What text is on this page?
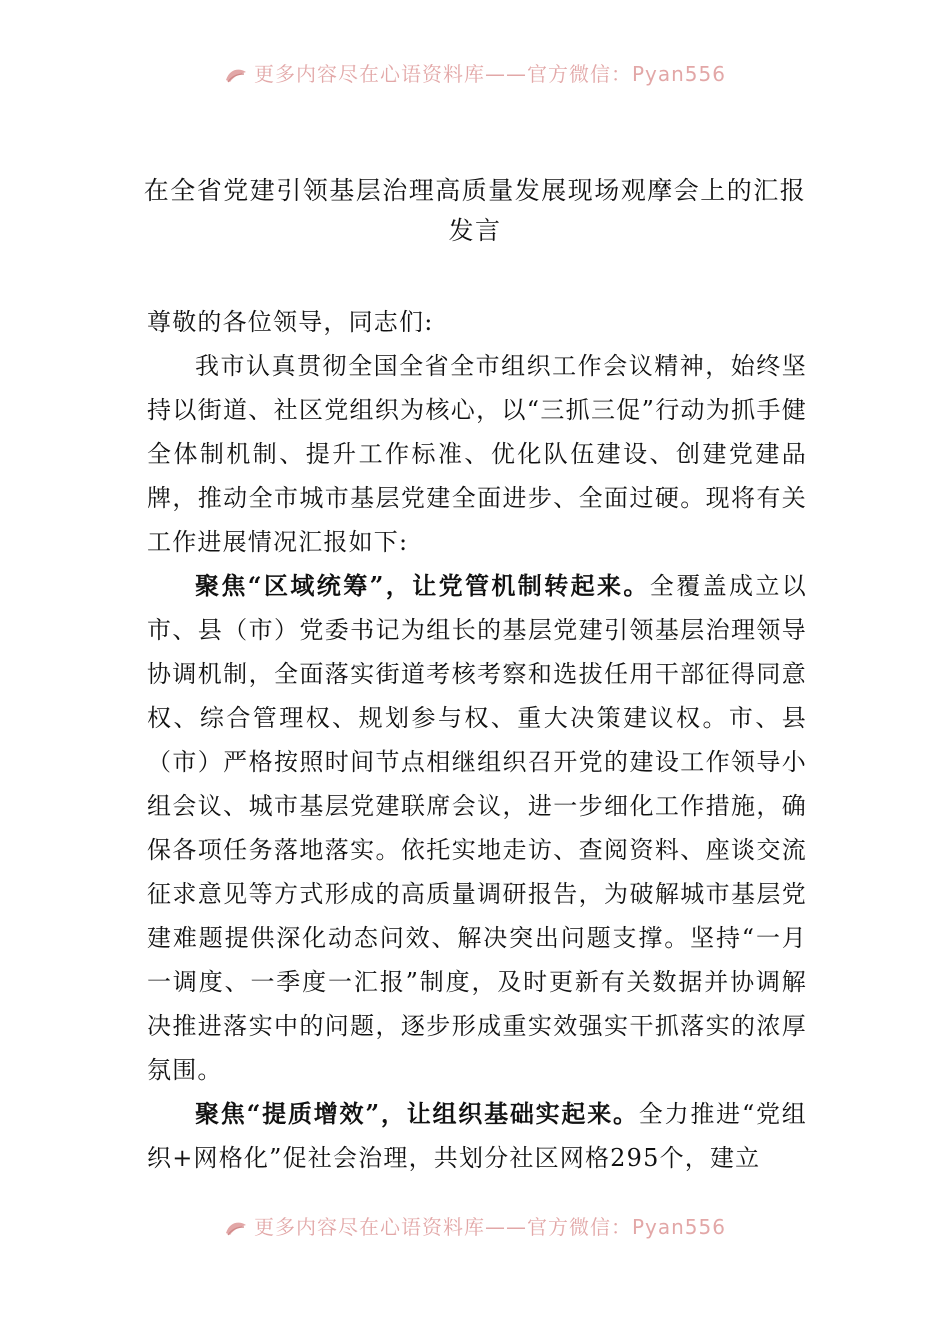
更多内容尽在心语资料库——官方微信：Pyan556
在全省党建引领基层治理高质量发展现场观摩会上的汇报
发言

尊敬的各位领导，同志们:

我市认真贯彻全国全省全市组织工作会议精神，始终坚持以街道、社区党组织为核心，以“三抓三促”行动为抓手健全体制机制、提升工作标准、优化队伍建设、创建党建品牌，推动全市城市基层党建全面进步、全面过硬。现将有关工作进展情况汇报如下:

聚焦“区域统筹”，让党管机制转起来。全覆盖成立以市、县（市）党委书记为组长的基层党建引领基层治理领导协调机制，全面落实街道考核考察和选拔任用干部征得同意权、综合管理权、规划参与权、重大决策建议权。市、县（市）严格按照时间节点相继组织召开党的建设工作领导小组会议、城市基层党建联席会议，进一步细化工作措施，确保各项任务落地落实。依托实地走访、查阅资料、座谈交流征求意见等方式形成的高质量调研报告，为破解城市基层党建难题提供深化动态问效、解决突出问题支撑。坚持“一月一调度、一季度一汇报”制度，及时更新有关数据并协调解决推进落实中的问题，逐步形成重实效强实干抓落实的浓厚氛围。

聚焦“提质增效”，让组织基础实起来。全力推进“党组织+网格化”促社会治理，共划分社区网格295个，建立

更多内容尽在心语资料库——官方微信：Pyan556
